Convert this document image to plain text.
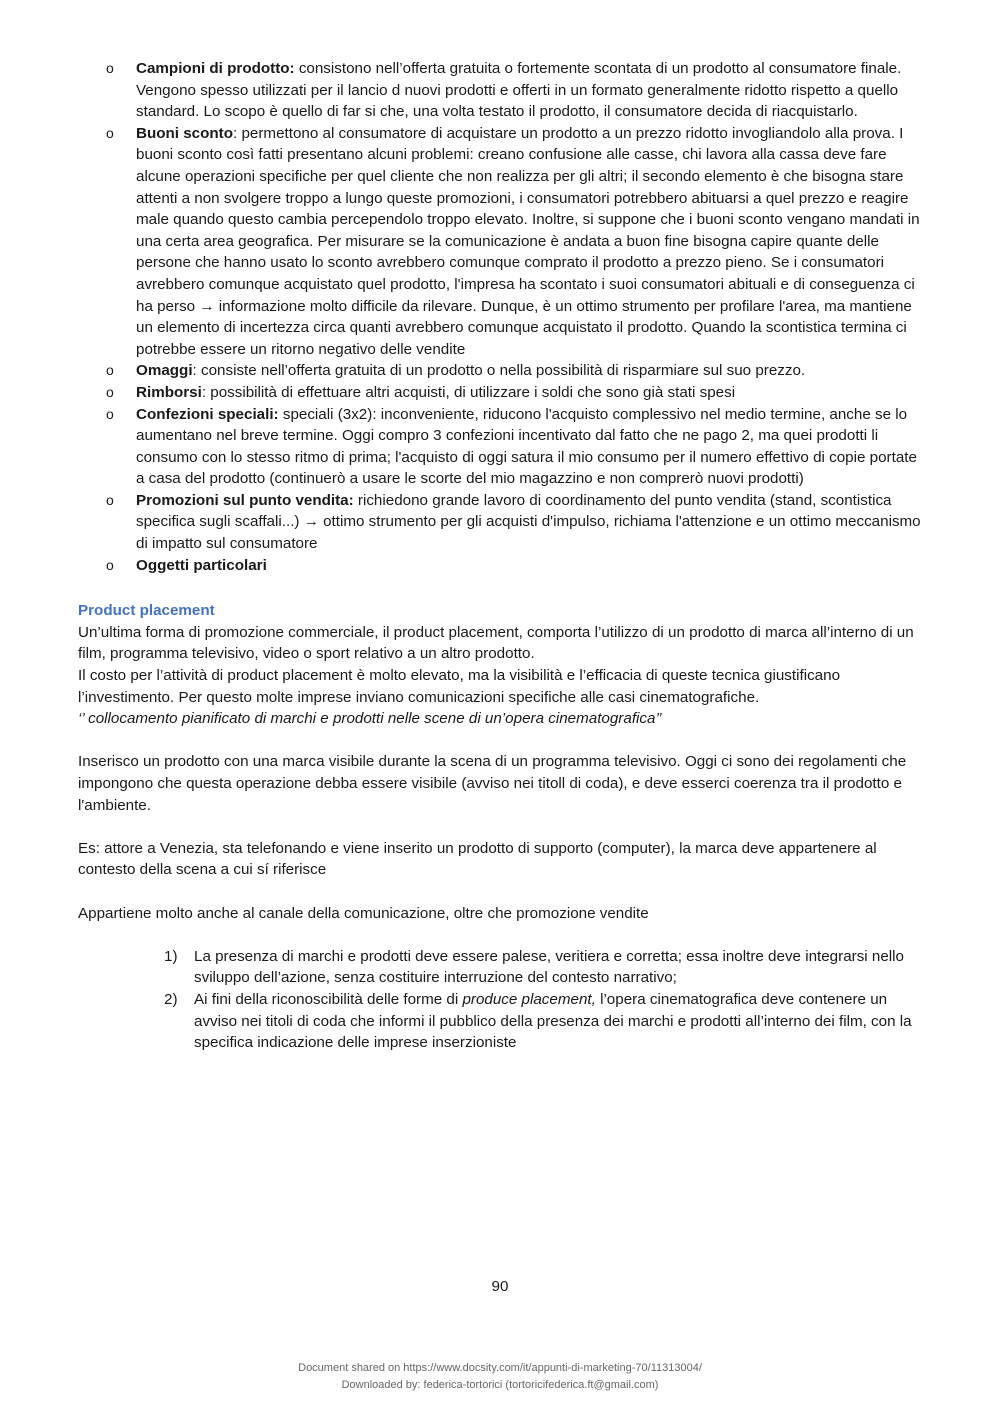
o Campioni di prodotto: consistono nell’offerta gratuita o fortemente scontata di un prodotto al consumatore finale. Vengono spesso utilizzati per il lancio d nuovi prodotti e offerti in un formato generalmente ridotto rispetto a quello standard. Lo scopo è quello di far si che, una volta testato il prodotto, il consumatore decida di riacquistarlo.
o Buoni sconto: permettono al consumatore di acquistare un prodotto a un prezzo ridotto invogliandolo alla prova. I buoni sconto così fatti presentano alcuni problemi: creano confusione alle casse, chi lavora alla cassa deve fare alcune operazioni specifiche per quel cliente che non realizza per gli altri; il secondo elemento è che bisogna stare attenti a non svolgere troppo a lungo queste promozioni, i consumatori potrebbero abituarsi a quel prezzo e reagire male quando questo cambia percependolo troppo elevato. Inoltre, si suppone che i buoni sconto vengano mandati in una certa area geografica. Per misurare se la comunicazione è andata a buon fine bisogna capire quante delle persone che hanno usato lo sconto avrebbero comunque comprato il prodotto a prezzo pieno. Se i consumatori avrebbero comunque acquistato quel prodotto, l'impresa ha scontato i suoi consumatori abituali e di conseguenza ci ha perso → informazione molto difficile da rilevare. Dunque, è un ottimo strumento per profilare l'area, ma mantiene un elemento di incertezza circa quanti avrebbero comunque acquistato il prodotto. Quando la scontistica termina ci potrebbe essere un ritorno negativo delle vendite
o Omaggi: consiste nell’offerta gratuita di un prodotto o nella possibilità di risparmiare sul suo prezzo.
o Rimborsi: possibilità di effettuare altri acquisti, di utilizzare i soldi che sono già stati spesi
o Confezioni speciali: speciali (3x2): inconveniente, riducono l'acquisto complessivo nel medio termine, anche se lo aumentano nel breve termine. Oggi compro 3 confezioni incentivato dal fatto che ne pago 2, ma quei prodotti li consumo con lo stesso ritmo di prima; l'acquisto di oggi satura il mio consumo per il numero effettivo di copie portate a casa del prodotto (continuerò a usare le scorte del mio magazzino e non comprerò nuovi prodotti)
o Promozioni sul punto vendita: richiedono grande lavoro di coordinamento del punto vendita (stand, scontistica specifica sugli scaffali...) → ottimo strumento per gli acquisti d'impulso, richiama l'attenzione e un ottimo meccanismo di impatto sul consumatore
o Oggetti particolari
Product placement

Un’ultima forma di promozione commerciale, il product placement, comporta l’utilizzo di un prodotto di marca all’interno di un film, programma televisivo, video o sport relativo a un altro prodotto.

Il costo per l’attività di product placement è molto elevato, ma la visibilità e l’efficacia di queste tecnica giustificano l’investimento. Per questo molte imprese inviano comunicazioni specifiche alle casi cinematografiche.

‘’ collocamento pianificato di marchi e prodotti nelle scene di un’opera cinematografica’’

Inserisco un prodotto con una marca visibile durante la scena di un programma televisivo. Oggi ci sono dei regolamenti che impongono che questa operazione debba essere visibile (avviso nei titoll di coda), e deve esserci coerenza tra il prodotto e l'ambiente.

Es: attore a Venezia, sta telefonando e viene inserito un prodotto di supporto (computer), la marca deve appartenere al contesto della scena a cui sí riferisce

Appartiene molto anche al canale della comunicazione, oltre che promozione vendite

1) La presenza di marchi e prodotti deve essere palese, veritiera e corretta; essa inoltre deve integrarsi nello sviluppo dell’azione, senza costituire interruzione del contesto narrativo;
2) Ai fini della riconoscibilità delle forme di produce placement, l’opera cinematografica deve contenere un avviso nei titoli di coda che informi il pubblico della presenza dei marchi e prodotti all’interno dei film, con la specifica indicazione delle imprese inserzioniste
90
Document shared on https://www.docsity.com/it/appunti-di-marketing-70/11313004/
Downloaded by: federica-tortorici (tortoricifederica.ft@gmail.com)
